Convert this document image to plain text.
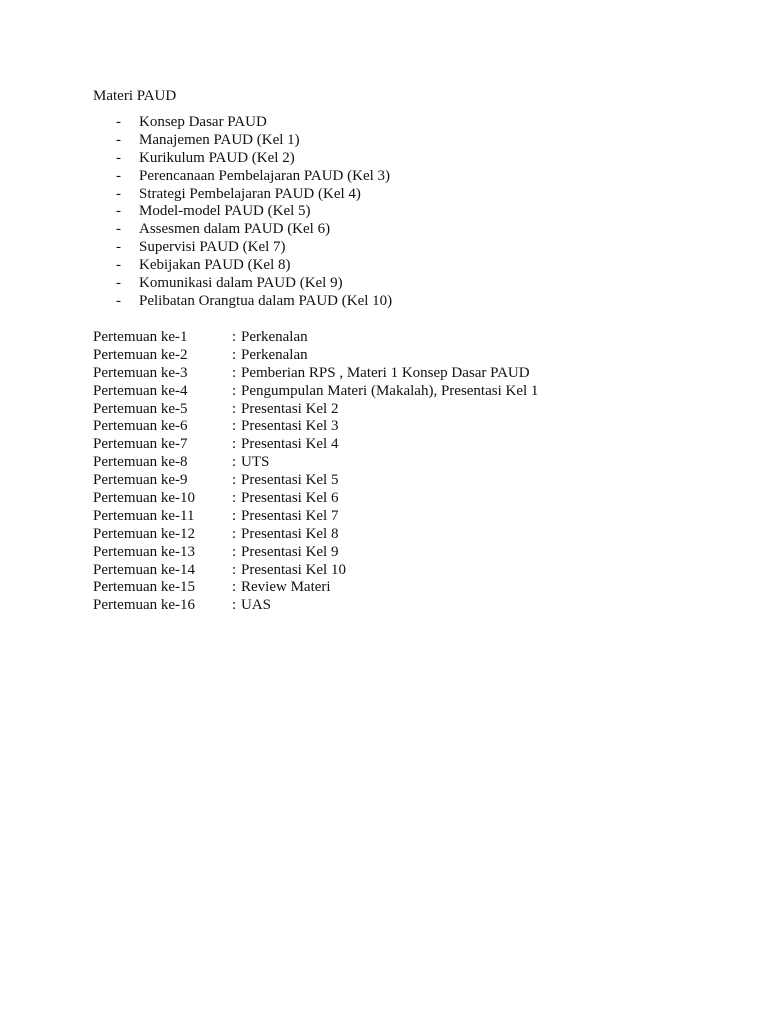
Materi PAUD
- Konsep Dasar PAUD
- Manajemen PAUD (Kel 1)
- Kurikulum PAUD (Kel 2)
- Perencanaan Pembelajaran PAUD (Kel 3)
- Strategi Pembelajaran PAUD (Kel 4)
- Model-model PAUD (Kel 5)
- Assesmen dalam PAUD (Kel 6)
- Supervisi PAUD (Kel 7)
- Kebijakan PAUD (Kel 8)
- Komunikasi dalam PAUD (Kel 9)
- Pelibatan Orangtua dalam PAUD (Kel 10)
Pertemuan ke-1	: Perkenalan
Pertemuan ke-2	: Perkenalan
Pertemuan ke-3	: Pemberian RPS , Materi 1 Konsep Dasar PAUD
Pertemuan ke-4	: Pengumpulan Materi (Makalah), Presentasi Kel 1
Pertemuan ke-5	: Presentasi Kel 2
Pertemuan ke-6	: Presentasi Kel 3
Pertemuan ke-7	: Presentasi Kel 4
Pertemuan ke-8	: UTS
Pertemuan ke-9	: Presentasi Kel 5
Pertemuan ke-10 : Presentasi Kel 6
Pertemuan ke-11	: Presentasi Kel 7
Pertemuan ke-12 : Presentasi Kel 8
Pertemuan ke-13 : Presentasi Kel 9
Pertemuan ke-14 : Presentasi Kel 10
Pertemuan ke-15 : Review Materi
Pertemuan ke-16 : UAS
